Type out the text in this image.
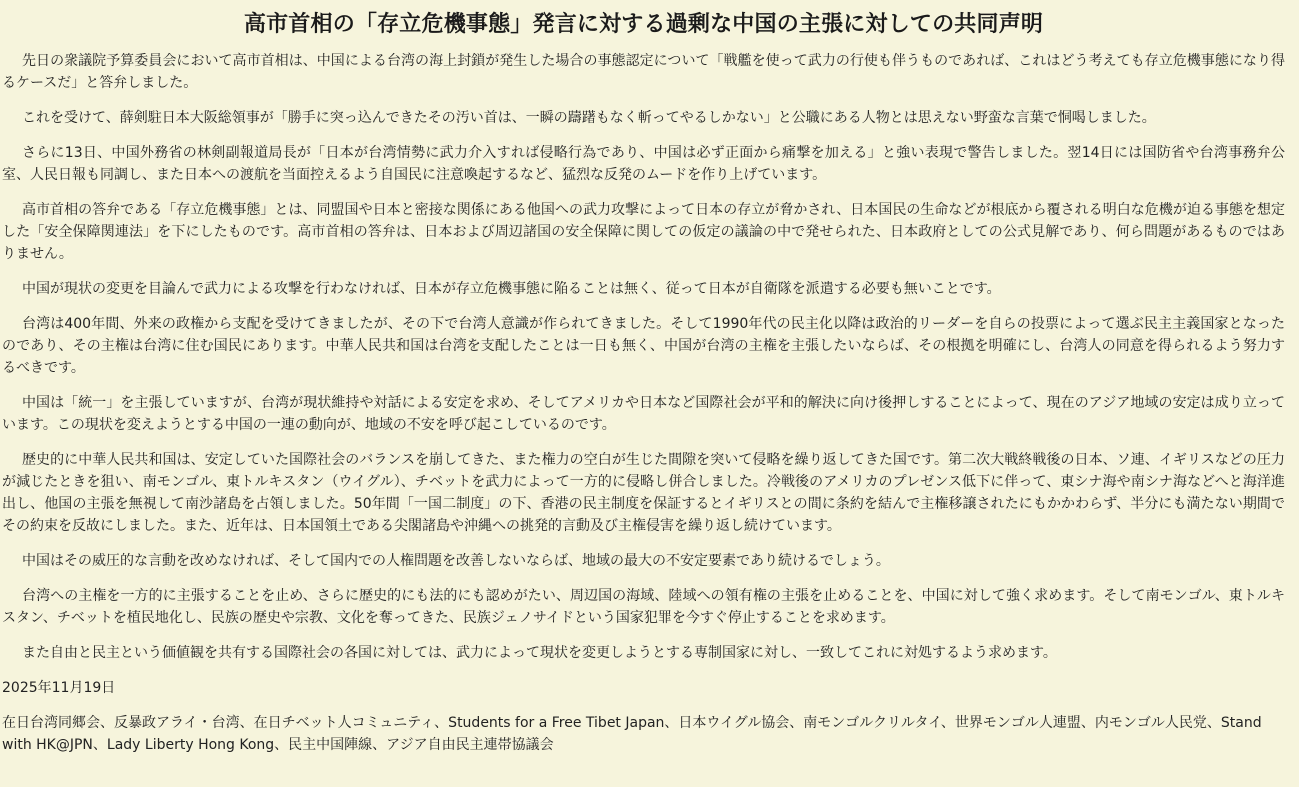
高市首相の「存立危機事態」発言に対する過剰な中国の主張に対しての共同声明

先日の衆議院予算委員会において高市首相は、中国による台湾の海上封鎖が発生した場合の事態認定について「戦艦を使って武力の行使も伴うものであれば、これはどう考えても存立危機事態になり得るケースだ」と答弁しました。

これを受けて、薛剣駐日本大阪総領事が「勝手に突っ込んできたその汚い首は、一瞬の躊躇もなく斬ってやるしかない」と公職にある人物とは思えない野蛮な言葉で恫喝しました。

さらに13日、中国外務省の林剣副報道局長が「日本が台湾情勢に武力介入すれば侵略行為であり、中国は必ず正面から痛撃を加える」と強い表現で警告しました。翌14日には国防省や台湾事務弁公室、人民日報も同調し、また日本への渡航を当面控えるよう自国民に注意喚起するなど、猛烈な反発のムードを作り上げています。

高市首相の答弁である「存立危機事態」とは、同盟国や日本と密接な関係にある他国への武力攻撃によって日本の存立が脅かされ、日本国民の生命などが根底から覆される明白な危機が迫る事態を想定した「安全保障関連法」を下にしたものです。高市首相の答弁は、日本および周辺諸国の安全保障に関しての仮定の議論の中で発せられた、日本政府としての公式見解であり、何ら問題があるものではありません。

中国が現状の変更を目論んで武力による攻撃を行わなければ、日本が存立危機事態に陥ることは無く、従って日本が自衛隊を派遣する必要も無いことです。

台湾は400年間、外来の政権から支配を受けてきましたが、その下で台湾人意識が作られてきました。そして1990年代の民主化以降は政治的リーダーを自らの投票によって選ぶ民主主義国家となったのであり、その主権は台湾に住む国民にあります。中華人民共和国は台湾を支配したことは一日も無く、中国が台湾の主権を主張したいならば、その根拠を明確にし、台湾人の同意を得られるよう努力するべきです。

中国は「統一」を主張していますが、台湾が現状維持や対話による安定を求め、そしてアメリカや日本など国際社会が平和的解決に向け後押しすることによって、現在のアジア地域の安定は成り立っています。この現状を変えようとする中国の一連の動向が、地域の不安を呼び起こしているのです。

歴史的に中華人民共和国は、安定していた国際社会のバランスを崩してきた、また権力の空白が生じた間隙を突いて侵略を繰り返してきた国です。第二次大戦終戦後の日本、ソ連、イギリスなどの圧力が減じたときを狙い、南モンゴル、東トルキスタン（ウイグル）、チベットを武力によって一方的に侵略し併合しました。冷戦後のアメリカのプレゼンス低下に伴って、東シナ海や南シナ海などへと海洋進出し、他国の主張を無視して南沙諸島を占領しました。50年間「一国二制度」の下、香港の民主制度を保証するとイギリスとの間に条約を結んで主権移譲されたにもかかわらず、半分にも満たない期間でその約束を反故にしました。また、近年は、日本国領土である尖閣諸島や沖縄への挑発的言動及び主権侵害を繰り返し続けています。

中国はその威圧的な言動を改めなければ、そして国内での人権問題を改善しないならば、地域の最大の不安定要素であり続けるでしょう。

台湾への主権を一方的に主張することを止め、さらに歴史的にも法的にも認めがたい、周辺国の海域、陸域への領有権の主張を止めることを、中国に対して強く求めます。そして南モンゴル、東トルキスタン、チベットを植民地化し、民族の歴史や宗教、文化を奪ってきた、民族ジェノサイドという国家犯罪を今すぐ停止することを求めます。

また自由と民主という価値観を共有する国際社会の各国に対しては、武力によって現状を変更しようとする専制国家に対し、一致してこれに対処するよう求めます。

2025年11月19日

在日台湾同郷会、反暴政アライ・台湾、在日チベット人コミュニティ、Students for a Free Tibet Japan、日本ウイグル協会、南モンゴルクリルタイ、世界モンゴル人連盟、内モンゴル人民党、Stand with HK@JPN、Lady Liberty Hong Kong、民主中国陣線、アジア自由民主連帯協議会
